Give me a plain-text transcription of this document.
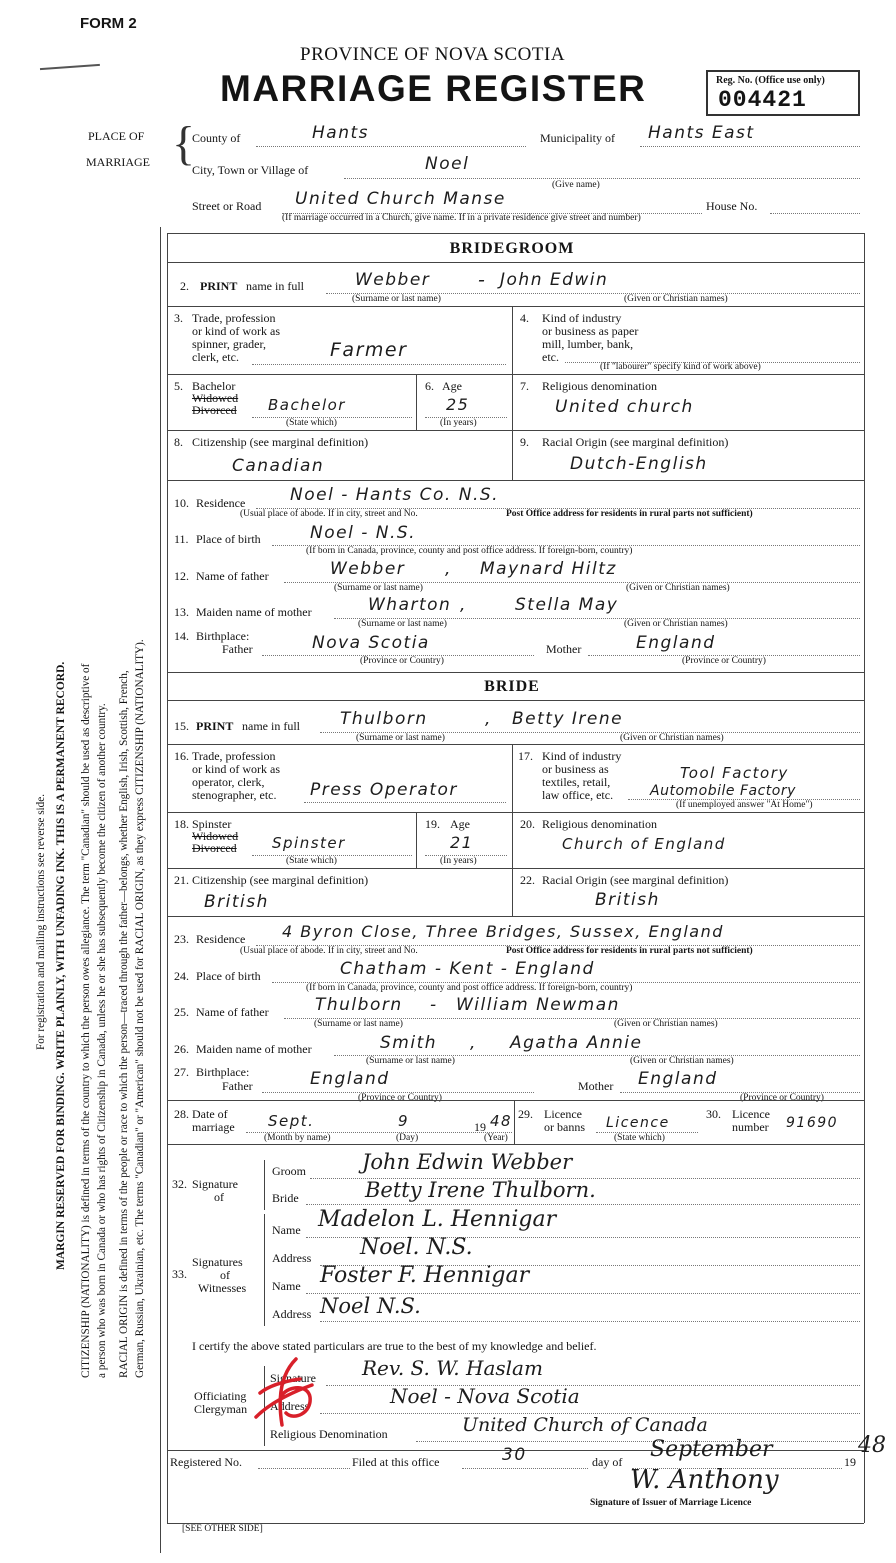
FORM 2
PROVINCE OF NOVA SCOTIA
MARRIAGE REGISTER	Reg. No. (Office use only)
004421
PLACE OF
MARRIAGE {
County of	Hants	Municipality of Hants East
City, Town or Village of	Noel
(Give name)
Street or Road United Church Manse	House No.
(If marriage occurred in a Church, give name. If in a private residence give street and number)
For registration and mailing instructions see reverse side. MARGIN RESERVED FOR BINDING. WRITE PLAINLY, WITH UNFADING INK. THIS IS A PERMANENT RECORD. CITIZENSHIP (NATIONALITY) is defined in terms of the country to which the person owes allegiance. The term "Canadian" should be used as descriptive of a person who was born in Canada or who has rights of Citizenship in Canada, unless he or she has subsequently become the citizen of another country. RACIAL ORIGIN is defined in terms of the people or race to which the person—traced through the father—belongs, whether English, Irish, Scottish, French, German, Russian, Ukrainian, etc. The terms "Canadian" or "American" should not be used for RACIAL ORIGIN, as they express CITIZENSHIP (NATIONALITY).
BRIDEGROOM
2. PRINT name in full	Webber	- John Edwin
(Surname or last name)	(Given or Christian names)
3. Trade, profession
or kind of work as
spinner, grader,
clerk, etc.	Farmer
4. Kind of industry
or business as paper
mill, lumber, bank,
etc.
(If "labourer" specify kind of work above)
5. Bachelor
Widowed
Divorced Bachelor
(State which)
6. Age
25
(In years)
7. Religious denomination
United church
8. Citizenship (see marginal definition)
Canadian
9. Racial Origin (see marginal definition)
Dutch-English
10. Residence	Noel - Hants Co. N.S.
(Usual place of abode. If in city, street and No.	Post Office address for residents in rural parts not sufficient)
11. Place of birth	Noel - N.S.
(If born in Canada, province, county and post office address. If foreign-born, country)
12. Name of father	Webber , Maynard Hiltz
(Surname or last name)	(Given or Christian names)
13. Maiden name of mother	Wharton ,	Stella May
(Surname or last name)	(Given or Christian names)
14. Birthplace:
Father	Nova Scotia	Mother	England
(Province or Country)	(Province or Country)
BRIDE
15. PRINT name in full Thulborn	, Betty Irene
(Surname or last name)	(Given or Christian names)
16. Trade, profession
or kind of work as
operator, clerk,
stenographer, etc. Press Operator
17. Kind of industry
or business as
textiles, retail,
law office, etc.
Tool Factory
Automobile Factory
(If unemployed answer "At Home")
18. Spinster
Widowed
Divorced Spinster
(State which)
19. Age
21
(In years)
20. Religious denomination
Church of England
21. Citizenship (see marginal definition)
British
22. Racial Origin (see marginal definition)
British
23. Residence 4 Byron Close, Three Bridges, Sussex, England
(Usual place of abode. If in city, street and No.	Post Office address for residents in rural parts not sufficient)
24. Place of birth	Chatham - Kent - England
(If born in Canada, province, county and post office address. If foreign-born, country)
25. Name of father	Thulborn - William Newman
(Surname or last name)	(Given or Christian names)
26. Maiden name of mother	Smith , Agatha Annie
(Surname or last name)	(Given or Christian names)
27. Birthplace:
Father	England	Mother England
(Province or Country)	(Province or Country)
28. Date of
marriage Sept.	9	19 48
(Month by name)	(Day)	(Year)
29. Licence
or banns Licence
(State which)
30. Licence
number 91690
32. Signature
of
Groom	John Edwin Webber
Bride	Betty Irene Thulborn.
33.
Signatures
of
Witnesses
Name Madelon L. Hennigar
Address Noel. N.S.
Name Foster F. Hennigar
Address Noel N.S.
I certify the above stated particulars are true to the best of my knowledge and belief.
Officiating
Clergyman
Signature Rev. S. W. Haslam
Address	Noel - Nova Scotia
Religious Denomination	United Church of Canada
Registered No.	Filed at this office	30	day of September	19
48
W. Anthony
Signature of Issuer of Marriage Licence
[SEE OTHER SIDE]
